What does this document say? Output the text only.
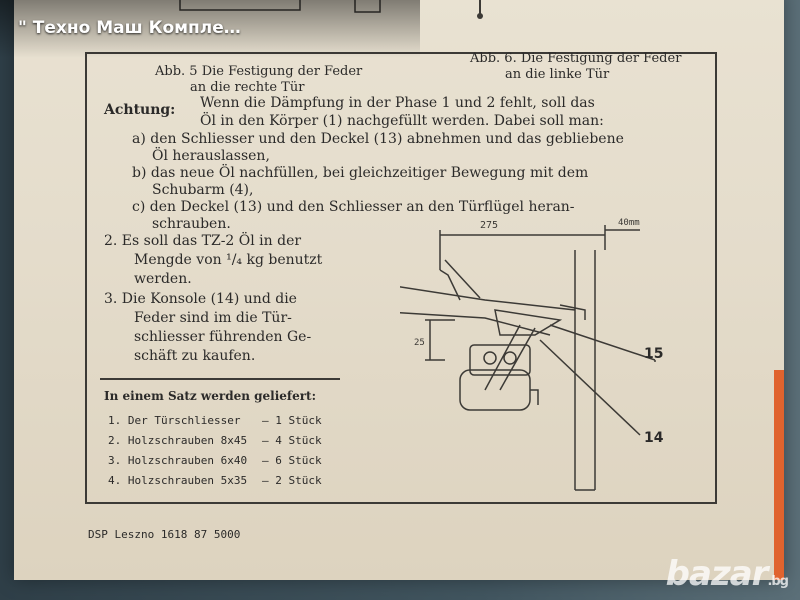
Abb. 5 Die Festigung der Feder
an die rechte Tür
Abb. 6. Die Festigung der Feder
an die linke Tür
Achtung: Wenn die Dämpfung in der Phase 1 und 2 fehlt, soll das
Öl in den Körper (1) nachgefüllt werden. Dabei soll man:
a) den Schliesser und den Deckel (13) abnehmen und das gebliebene
Öl herauslassen,
b) das neue Öl nachfüllen, bei gleichzeitiger Bewegung mit dem
Schubarm (4),
c) den Deckel (13) und den Schliesser an den Türflügel heran-
schrauben.
2. Es soll das TZ-2 Öl in der
Mengde von ¹/₄ kg benutzt
werden.
3. Die Konsole (14) und die
Feder sind im die Tür-
schliesser führenden Ge-
schäft zu kaufen.
In einem Satz werden geliefert:
1. Der Türschliesser — 1 Stück
2. Holzschrauben 8x45 — 4 Stück
3. Holzschrauben 6x40 — 6 Stück
4. Holzschrauben 5x35 — 2 Stück
275	40mm
25
15
14
DSP Leszno 1618 87 5000
" Техно Маш Компле…
bazar.bg
